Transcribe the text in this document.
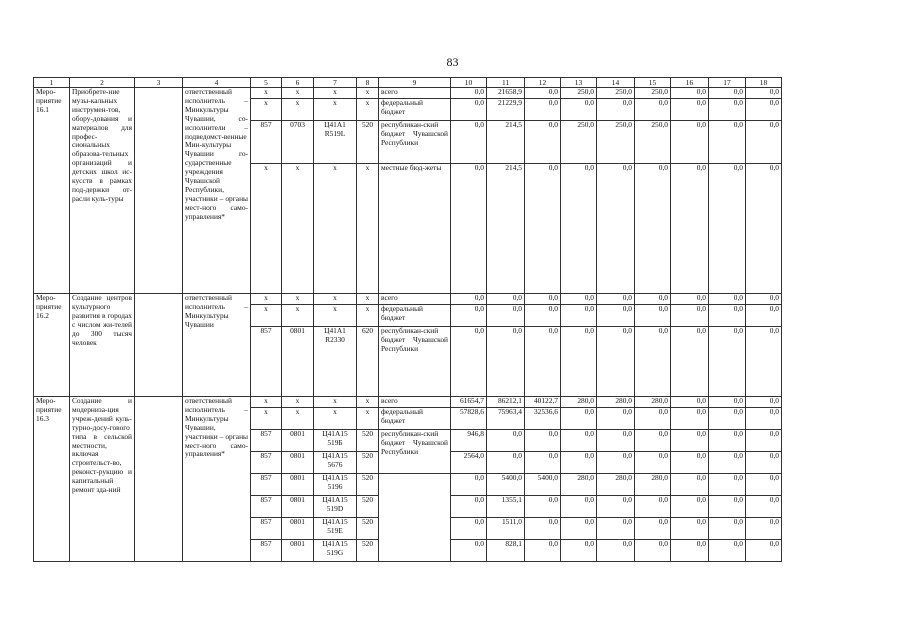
83
1	2	3	4	5	6	7	8	9	10	11	12	13	14	15	16	17	18
Меро-приятие 16.1	Приобрете-ние музы-кальных инструмен-тов, обору-дования и материалов для профес-сиональных образова-тельных организаций и детских школ ис-кусств в рамках под-держки от-расли куль-туры		ответственный исполнитель – Минкультуры Чувашии, со-исполнители – подведомст-венные Мин-культуры Чувашии го-сударственные учреждения Чувашской Республики, участники – органы мест-ного само-управления*	x	x	x	x	всего	0,0	21658,9	0,0	250,0	250,0	250,0	0,0	0,0	0,0
				x	x	x	x	федеральный бюджет	0,0	21229,9	0,0	0,0	0,0	0,0	0,0	0,0	0,0
				857	0703	Ц41А1 R519L	520	республикан-ский бюджет Чувашской Республики	0,0	214,5	0,0	250,0	250,0	250,0	0,0	0,0	0,0
				x	x	x	x	местные бюд-жеты	0,0	214,5	0,0	0,0	0,0	0,0	0,0	0,0	0,0
Меро-приятие 16.2	Создание центров культурного развития в городах с числом жи-телей до 300 тысяч человек		ответственный исполнитель – Минкультуры Чувашии	x	x	x	x	всего	0,0	0,0	0,0	0,0	0,0	0,0	0,0	0,0	0,0
				x	x	x	x	федеральный бюджет	0,0	0,0	0,0	0,0	0,0	0,0	0,0	0,0	0,0
				857	0801	Ц41А1 R2330	620	республикан-ский бюджет Чувашской Республики	0,0	0,0	0,0	0,0	0,0	0,0	0,0	0,0	0,0
Меро-приятие 16.3	Создание и модерниза-ция учреж-дений куль-турно-досу-гового типа в сельской местности, включая строительст-во, реконст-рукцию и капитальный ремонт зда-ний		ответственный исполнитель – Минкультуры Чувашии, участники – органы мест-ного само-управления*	x	x	x	x	всего	61654,7	86212,1	40122,7	280,0	280,0	280,0	0,0	0,0	0,0
				x	x	x	x	федеральный бюджет	57828,6	75963,4	32536,6	0,0	0,0	0,0	0,0	0,0	0,0
				857	0801	Ц41А15 519Б	520	республикан-ский бюджет Чувашской Республики	946,8	0,0	0,0	0,0	0,0	0,0	0,0	0,0	0,0
				857	0801	Ц41А15 5676	520		2564,0	0,0	0,0	0,0	0,0	0,0	0,0	0,0	0,0
				857	0801	Ц41А15 5196	520		0,0	5400,0	5400,0	280,0	280,0	280,0	0,0	0,0	0,0
				857	0801	Ц41А15 519D	520		0,0	1355,1	0,0	0,0	0,0	0,0	0,0	0,0	0,0
				857	0801	Ц41А15 519E	520		0,0	1511,0	0,0	0,0	0,0	0,0	0,0	0,0	0,0
				857	0801	Ц41А15 519G	520		0,0	828,1	0,0	0,0	0,0	0,0	0,0	0,0	0,0
